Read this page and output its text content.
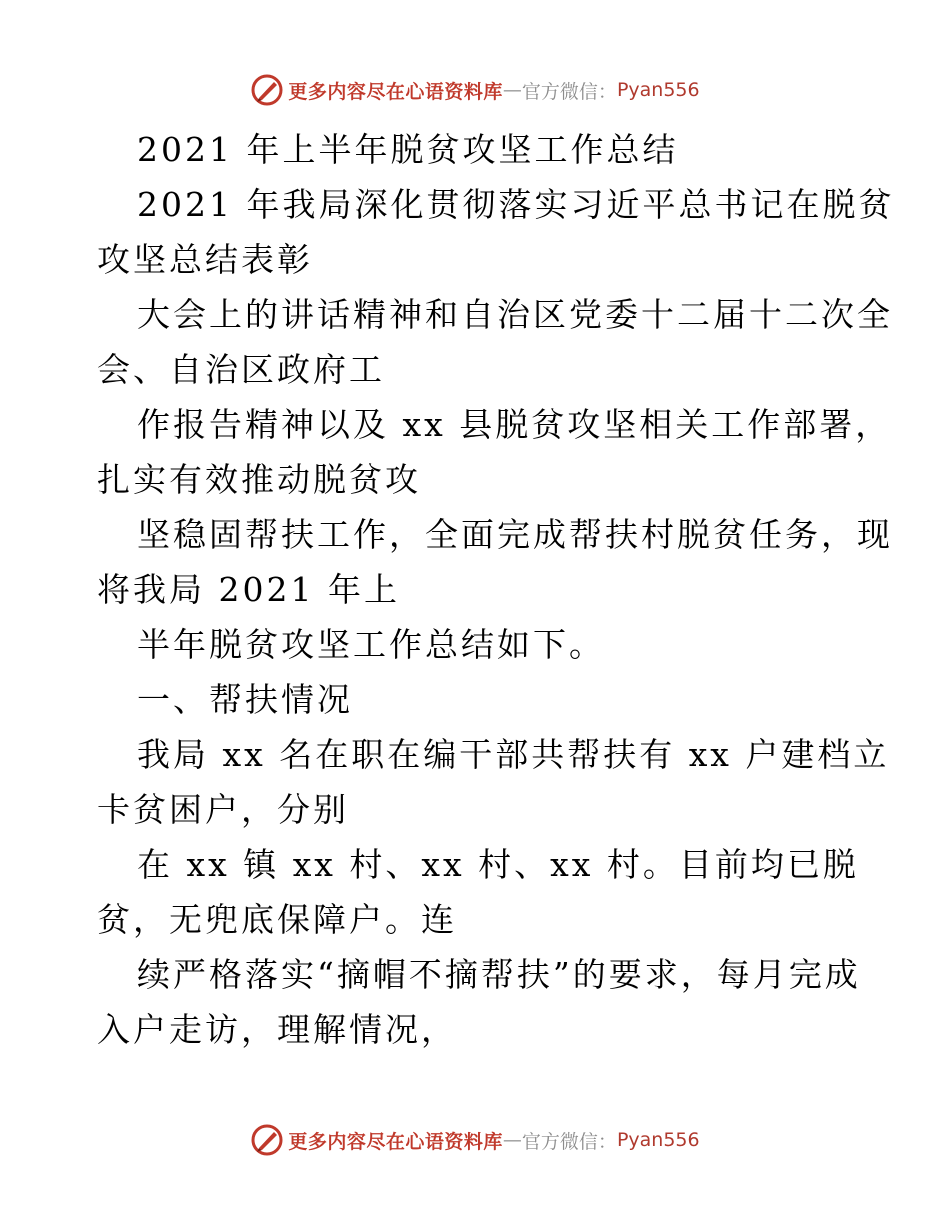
更多内容尽在心语资料库 — 官方微信： Pyan556

2021 年上半年脱贫攻坚工作总结

2021 年我局深化贯彻落实习近平总书记在脱贫
攻坚总结表彰

大会上的讲话精神和自治区党委十二届十二次全
会、自治区政府工

作报告精神以及 xx 县脱贫攻坚相关工作部署，
扎实有效推动脱贫攻

坚稳固帮扶工作，全面完成帮扶村脱贫任务，现
将我局 2021 年上

半年脱贫攻坚工作总结如下。

一、帮扶情况

我局 xx 名在职在编干部共帮扶有 xx 户建档立
卡贫困户，分别

在 xx 镇 xx 村、xx 村、xx 村。目前均已脱
贫，无兜底保障户。连

续严格落实“摘帽不摘帮扶”的要求，每月完成
入户走访，理解情况，

更多内容尽在心语资料库 — 官方微信： Pyan556
